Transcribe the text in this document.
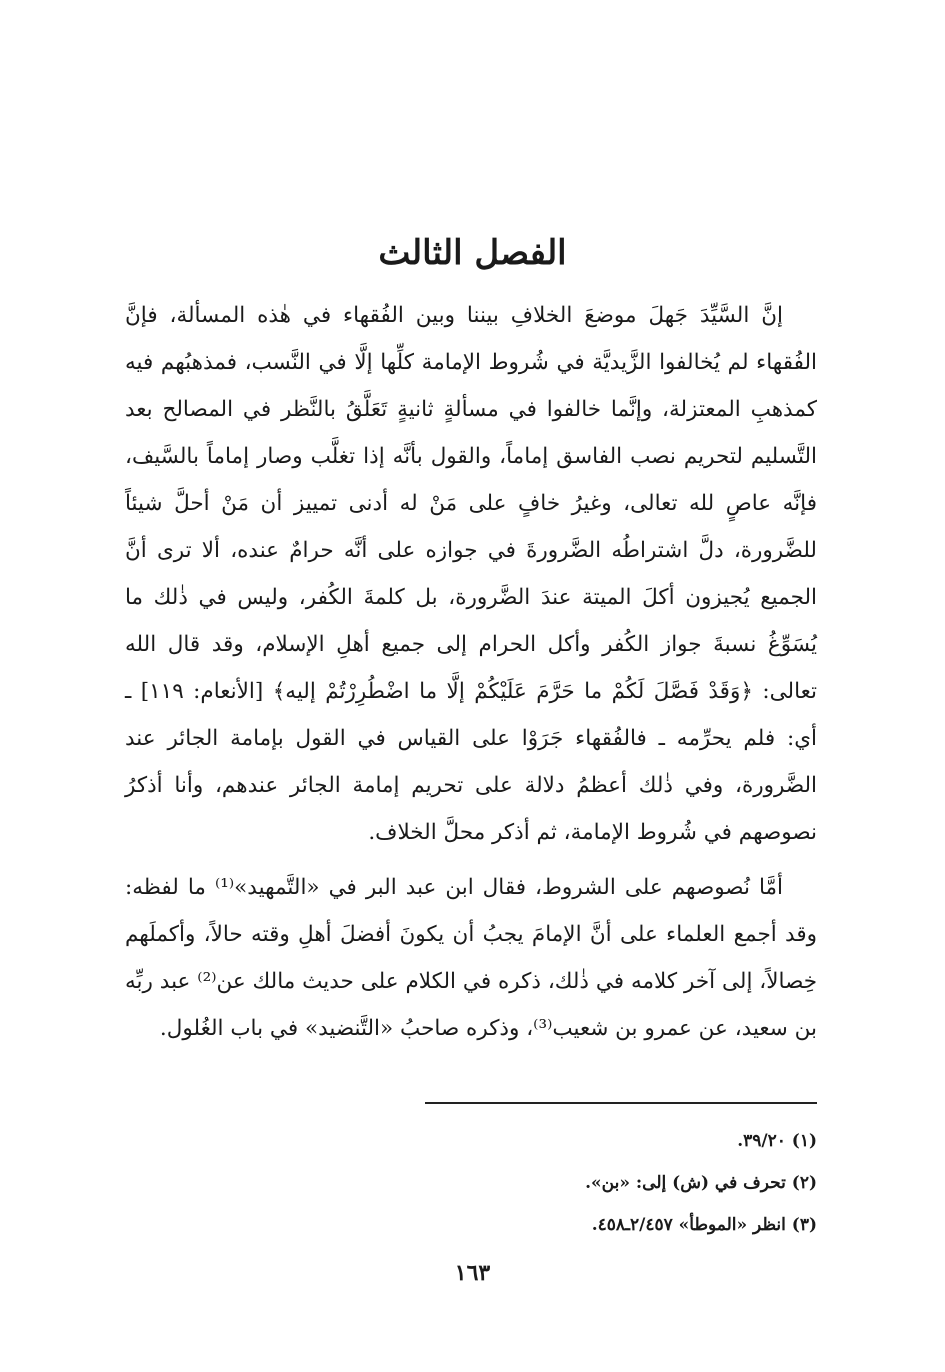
الفصل الثالث

إنَّ السَّيِّدَ جَهلَ موضعَ الخلافِ بيننا وبين الفُقهاء في هٰذه المسألة، فإنَّ الفُقهاء لم يُخالفوا الزَّيديَّة في شُروط الإمامة كلِّها إلَّا في النَّسب، فمذهبُهم فيه كمذهبِ المعتزلة، وإنَّما خالفوا في مسألةٍ ثانيةٍ تَعَلَّقُ بالنَّظر في المصالح بعد التَّسليم لتحريم نصب الفاسق إماماً، والقول بأنَّه إذا تغلَّب وصار إماماً بالسَّيف، فإنَّه عاصٍ لله تعالى، وغيرُ خافٍ على مَنْ له أدنى تمييز أن مَنْ أحلَّ شيئاً للضَّرورة، دلَّ اشتراطُه الضَّرورةَ في جوازه على أنَّه حرامٌ عنده، ألا ترى أنَّ الجميع يُجيزون أكلَ الميتة عندَ الضَّرورة، بل كلمةَ الكُفر، وليس في ذٰلك ما يُسَوِّغُ نسبةَ جواز الكُفر وأكل الحرام إلى جميع أهلِ الإسلام، وقد قال الله تعالى: ﴿وَقَدْ فَصَّلَ لَكُمْ ما حَرَّمَ عَلَيْكُمْ إلَّا ما اضْطُرِرْتُمْ إليه﴾ [الأنعام: ١١٩] ـ أي: فلم يحرِّمه ـ فالفُقهاء جَرَوْا على القياس في القول بإمامة الجائر عند الضَّرورة، وفي ذٰلك أعظمُ دلالة على تحريم إمامة الجائر عندهم، وأنا أذكرُ نصوصهم في شُروط الإمامة، ثم أذكر محلَّ الخلاف.

أمَّا نُصوصهم على الشروط، فقال ابن عبد البر في «التَّمهيد»⁽¹⁾ ما لفظه: وقد أجمع العلماء على أنَّ الإمامَ يجبُ أن يكونَ أفضلَ أهلِ وقته حالاً، وأكملَهم خِصالاً، إلى آخر كلامه في ذٰلك، ذكره في الكلام على حديث مالك عن⁽²⁾ عبد ربِّه بن سعيد، عن عمرو بن شعيب⁽³⁾، وذكره صاحبُ «التَّنضيد» في باب الغُلول.

(١) ٣٩/٢٠.
(٢) تحرف في (ش) إلى: «بن».
(٣) انظر «الموطأ» ٢/٤٥٧ـ٤٥٨.
١٦٣
